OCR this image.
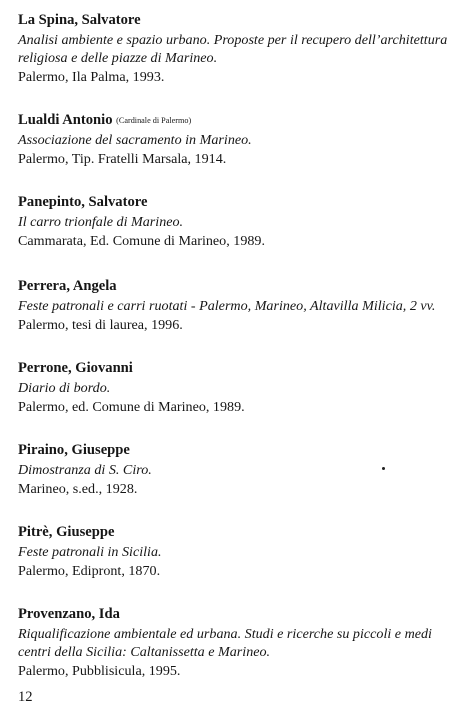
La Spina, Salvatore
Analisi ambiente e spazio urbano. Proposte per il recupero dell’architettura
religiosa e delle piazze di Marineo.
Palermo, Ila Palma, 1993.
Lualdi Antonio (Cardinale di Palermo)
Associazione del sacramento in Marineo.
Palermo, Tip. Fratelli Marsala, 1914.
Panepinto, Salvatore
Il carro trionfale di Marineo.
Cammarata, Ed. Comune di Marineo, 1989.
Perrera, Angela
Feste patronali e carri ruotati - Palermo, Marineo, Altavilla Milicia, 2 vv.
Palermo, tesi di laurea, 1996.
Perrone, Giovanni
Diario di bordo.
Palermo, ed. Comune di Marineo, 1989.
Piraino, Giuseppe
Dimostranza di S. Ciro.
Marineo, s.ed., 1928.
Pitrè, Giuseppe
Feste patronali in Sicilia.
Palermo, Edipront, 1870.
Provenzano, Ida
Riqualificazione ambientale ed urbana. Studi e ricerche su piccoli e medi
centri della Sicilia: Caltanissetta e Marineo.
Palermo, Pubblisicula, 1995.
12
